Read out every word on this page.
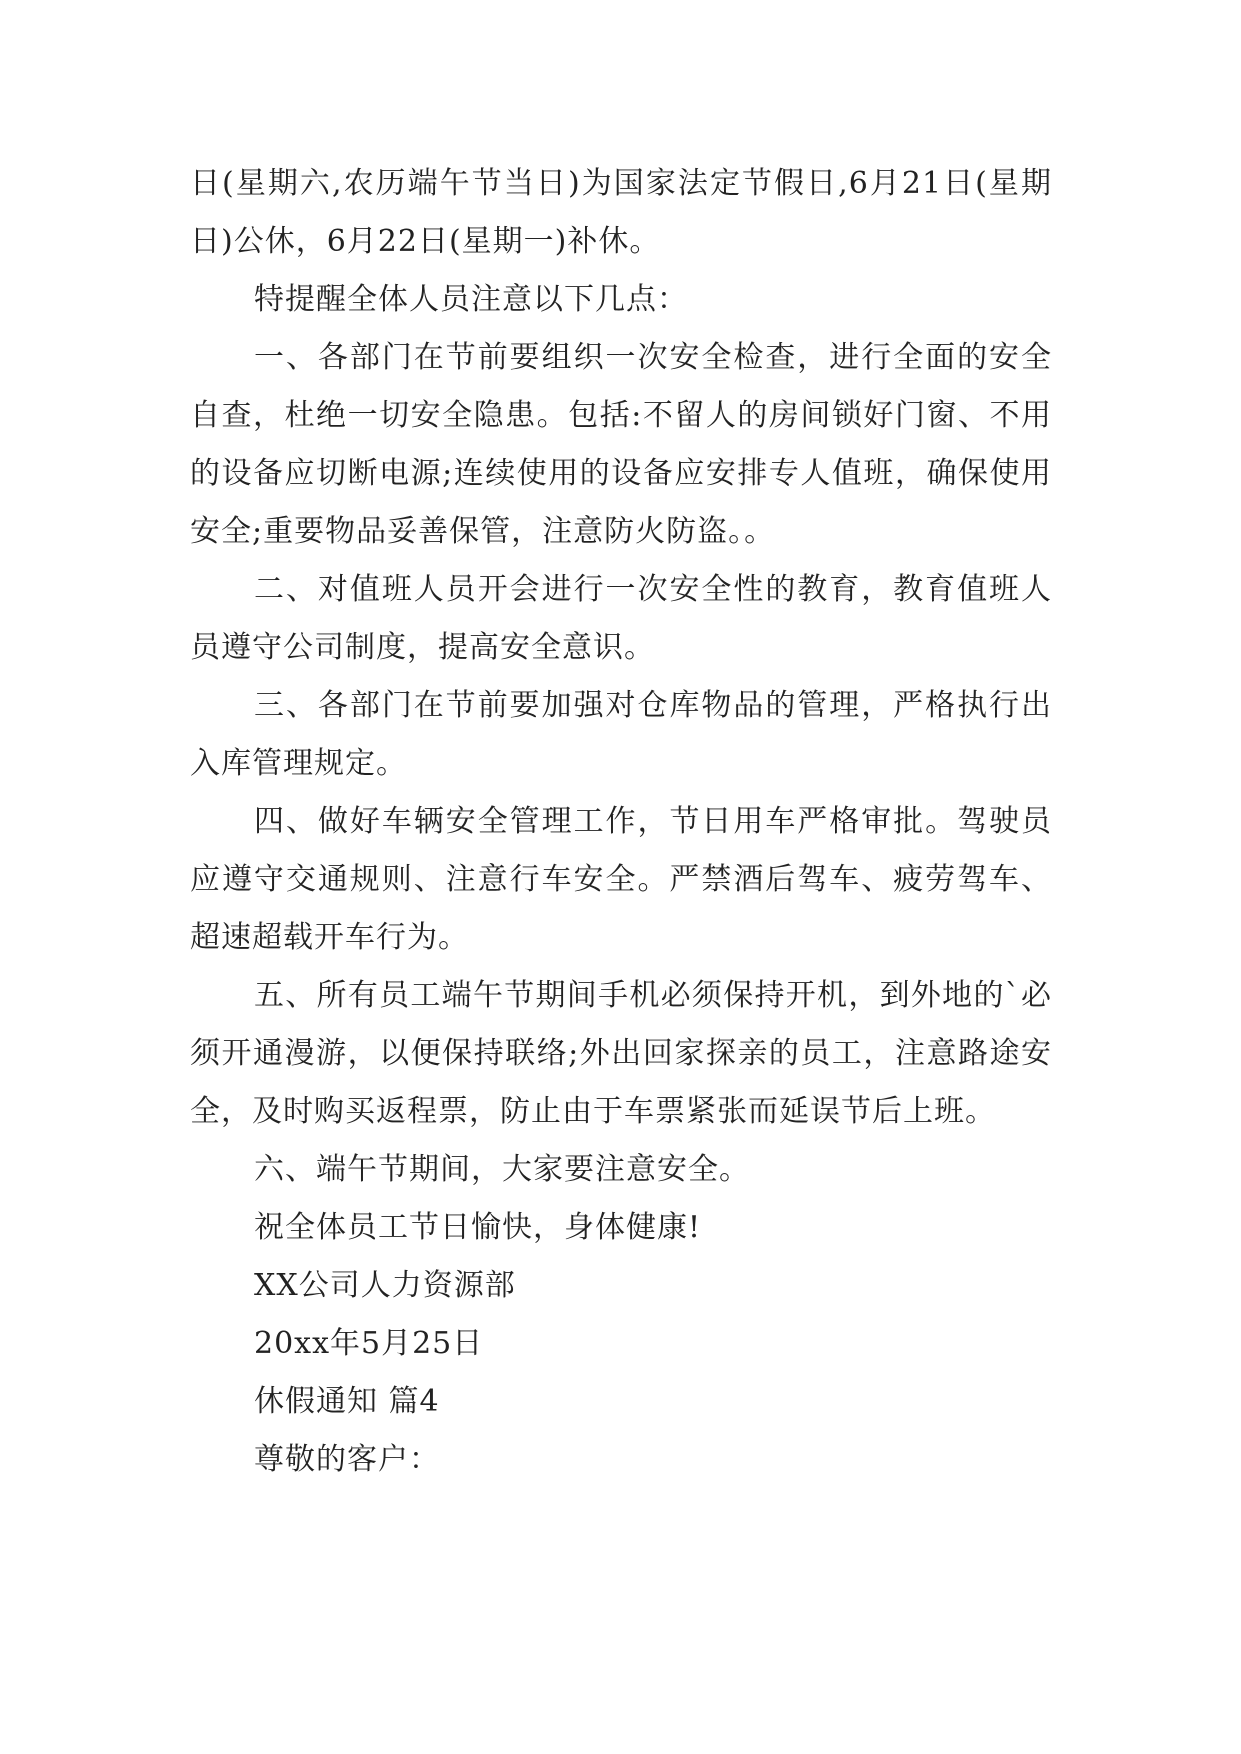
日(星期六,农历端午节当日)为国家法定节假日,6月21日(星期日)公休，6月22日(星期一)补休。

特提醒全体人员注意以下几点：

一、各部门在节前要组织一次安全检查，进行全面的安全自查，杜绝一切安全隐患。包括:不留人的房间锁好门窗、不用的设备应切断电源;连续使用的设备应安排专人值班，确保使用安全;重要物品妥善保管，注意防火防盗。。

二、对值班人员开会进行一次安全性的教育，教育值班人员遵守公司制度，提高安全意识。

三、各部门在节前要加强对仓库物品的管理，严格执行出入库管理规定。

四、做好车辆安全管理工作，节日用车严格审批。驾驶员应遵守交通规则、注意行车安全。严禁酒后驾车、疲劳驾车、超速超载开车行为。

五、所有员工端午节期间手机必须保持开机，到外地的`必须开通漫游，以便保持联络;外出回家探亲的员工，注意路途安全，及时购买返程票，防止由于车票紧张而延误节后上班。

六、端午节期间，大家要注意安全。

祝全体员工节日愉快，身体健康!

XX公司人力资源部

20xx年5月25日

休假通知 篇4

尊敬的客户：
